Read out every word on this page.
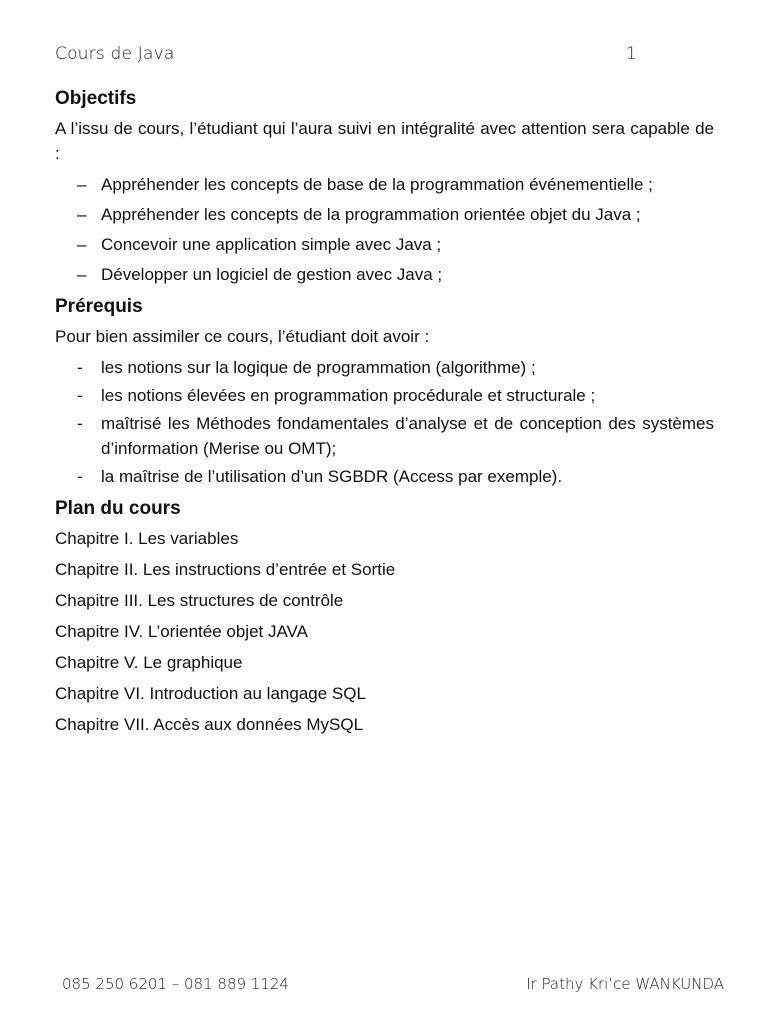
Cours de Java	1
Objectifs

A l’issu de cours, l’étudiant qui l’aura suivi en intégralité avec attention sera capable de :

– Appréhender les concepts de base de la programmation événementielle ;
– Appréhender les concepts de la programmation orientée objet du Java ;
– Concevoir une application simple avec Java ;
– Développer un logiciel de gestion avec Java ;
Prérequis

Pour bien assimiler ce cours, l’étudiant doit avoir :

- les notions sur la logique de programmation (algorithme) ;
- les notions élevées en programmation procédurale et structurale ;
- maîtrisé les Méthodes fondamentales d’analyse et de conception des systèmes d’information (Merise ou OMT);
- la maîtrise de l’utilisation d’un SGBDR (Access par exemple).
Plan du cours
Chapitre I. Les variables
Chapitre II. Les instructions d’entrée et Sortie
Chapitre III. Les structures de contrôle
Chapitre IV. L’orientée objet JAVA
Chapitre V. Le graphique
Chapitre VI. Introduction au langage SQL
Chapitre VII. Accès aux données MySQL
085 250 6201 – 081 889 1124	Ir Pathy Kri’ce WANKUNDA
